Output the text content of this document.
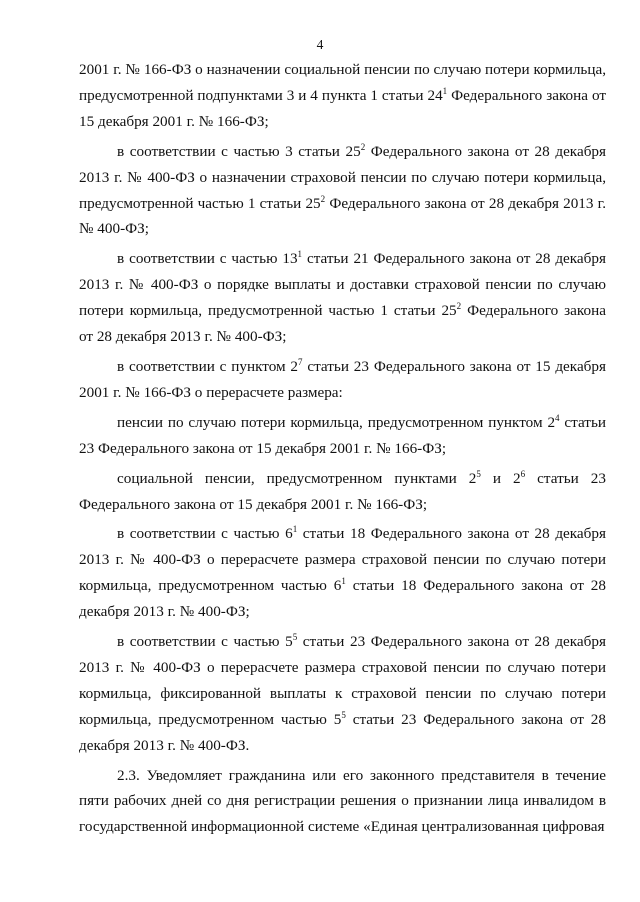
4

2001 г. № 166-ФЗ о назначении социальной пенсии по случаю потери кормильца, предусмотренной подпунктами 3 и 4 пункта 1 статьи $24^1$ Федерального закона от 15 декабря 2001 г. № 166-ФЗ;

в соответствии с частью 3 статьи $25^2$ Федерального закона от 28 декабря 2013 г. № 400-ФЗ о назначении страховой пенсии по случаю потери кормильца, предусмотренной частью 1 статьи $25^2$ Федерального закона от 28 декабря 2013 г. № 400-ФЗ;

в соответствии с частью $13^1$ статьи 21 Федерального закона от 28 декабря 2013 г. № 400-ФЗ о порядке выплаты и доставки страховой пенсии по случаю потери кормильца, предусмотренной частью 1 статьи $25^2$ Федерального закона от 28 декабря 2013 г. № 400-ФЗ;

в соответствии с пунктом $2^7$ статьи 23 Федерального закона от 15 декабря 2001 г. № 166-ФЗ о перерасчете размера:

пенсии по случаю потери кормильца, предусмотренном пунктом $2^4$ статьи 23 Федерального закона от 15 декабря 2001 г. № 166-ФЗ;

социальной пенсии, предусмотренном пунктами $2^5$ и $2^6$ статьи 23 Федерального закона от 15 декабря 2001 г. № 166-ФЗ;

в соответствии с частью $6^1$ статьи 18 Федерального закона от 28 декабря 2013 г. № 400-ФЗ о перерасчете размера страховой пенсии по случаю потери кормильца, предусмотренном частью $6^1$ статьи 18 Федерального закона от 28 декабря 2013 г. № 400-ФЗ;

в соответствии с частью $5^5$ статьи 23 Федерального закона от 28 декабря 2013 г. № 400-ФЗ о перерасчете размера страховой пенсии по случаю потери кормильца, фиксированной выплаты к страховой пенсии по случаю потери кормильца, предусмотренном частью $5^5$ статьи 23 Федерального закона от 28 декабря 2013 г. № 400-ФЗ.

2.3. Уведомляет гражданина или его законного представителя в течение пяти рабочих дней со дня регистрации решения о признании лица инвалидом в государственной информационной системе «Единая централизованная цифровая
